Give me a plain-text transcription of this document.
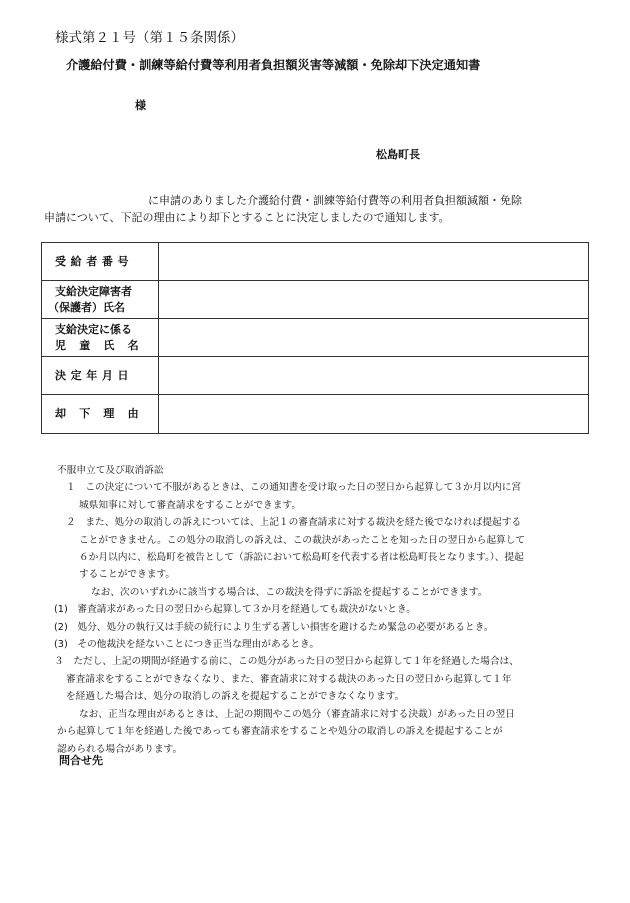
様式第２１号（第１５条関係）
介護給付費・訓練等給付費等利用者負担額災害等減額・免除却下決定通知書
様
松島町長
に申請のありました介護給付費・訓練等給付費等の利用者負担額減額・免除
申請について、下記の理由により却下とすることに決定しましたので通知します。
受給者番号	

支給決定障害者
（保護者）氏名	

支給決定に係る
児童氏名	

決定年月日	

却下理由	

不服申立て及び取消訴訟
１　この決定について不服があるときは、この通知書を受け取った日の翌日から起算して３か月以内に宮
城県知事に対して審査請求をすることができます。
２　また、処分の取消しの訴えについては、上記１の審査請求に対する裁決を経た後でなければ提起する
ことができません。この処分の取消しの訴えは、この裁決があったことを知った日の翌日から起算して
６か月以内に、松島町を被告として（訴訟において松島町を代表する者は松島町長となります。）、提起
することができます。
なお、次のいずれかに該当する場合は、この裁決を得ずに訴訟を提起することができます。
(1)　審査請求があった日の翌日から起算して３か月を経過しても裁決がないとき。
(2)　処分、処分の執行又は手続の続行により生ずる著しい損害を避けるため緊急の必要があるとき。
(3)　その他裁決を経ないことにつき正当な理由があるとき。
３　ただし、上記の期間が経過する前に、この処分があった日の翌日から起算して１年を経過した場合は、
審査請求をすることができなくなり、また、審査請求に対する裁決のあった日の翌日から起算して１年
を経過した場合は、処分の取消しの訴えを提起することができなくなります。
なお、正当な理由があるときは、上記の期間やこの処分（審査請求に対する決裁）があった日の翌日
から起算して１年を経過した後であっても審査請求をすることや処分の取消しの訴えを提起することが
認められる場合があります。
問合せ先
